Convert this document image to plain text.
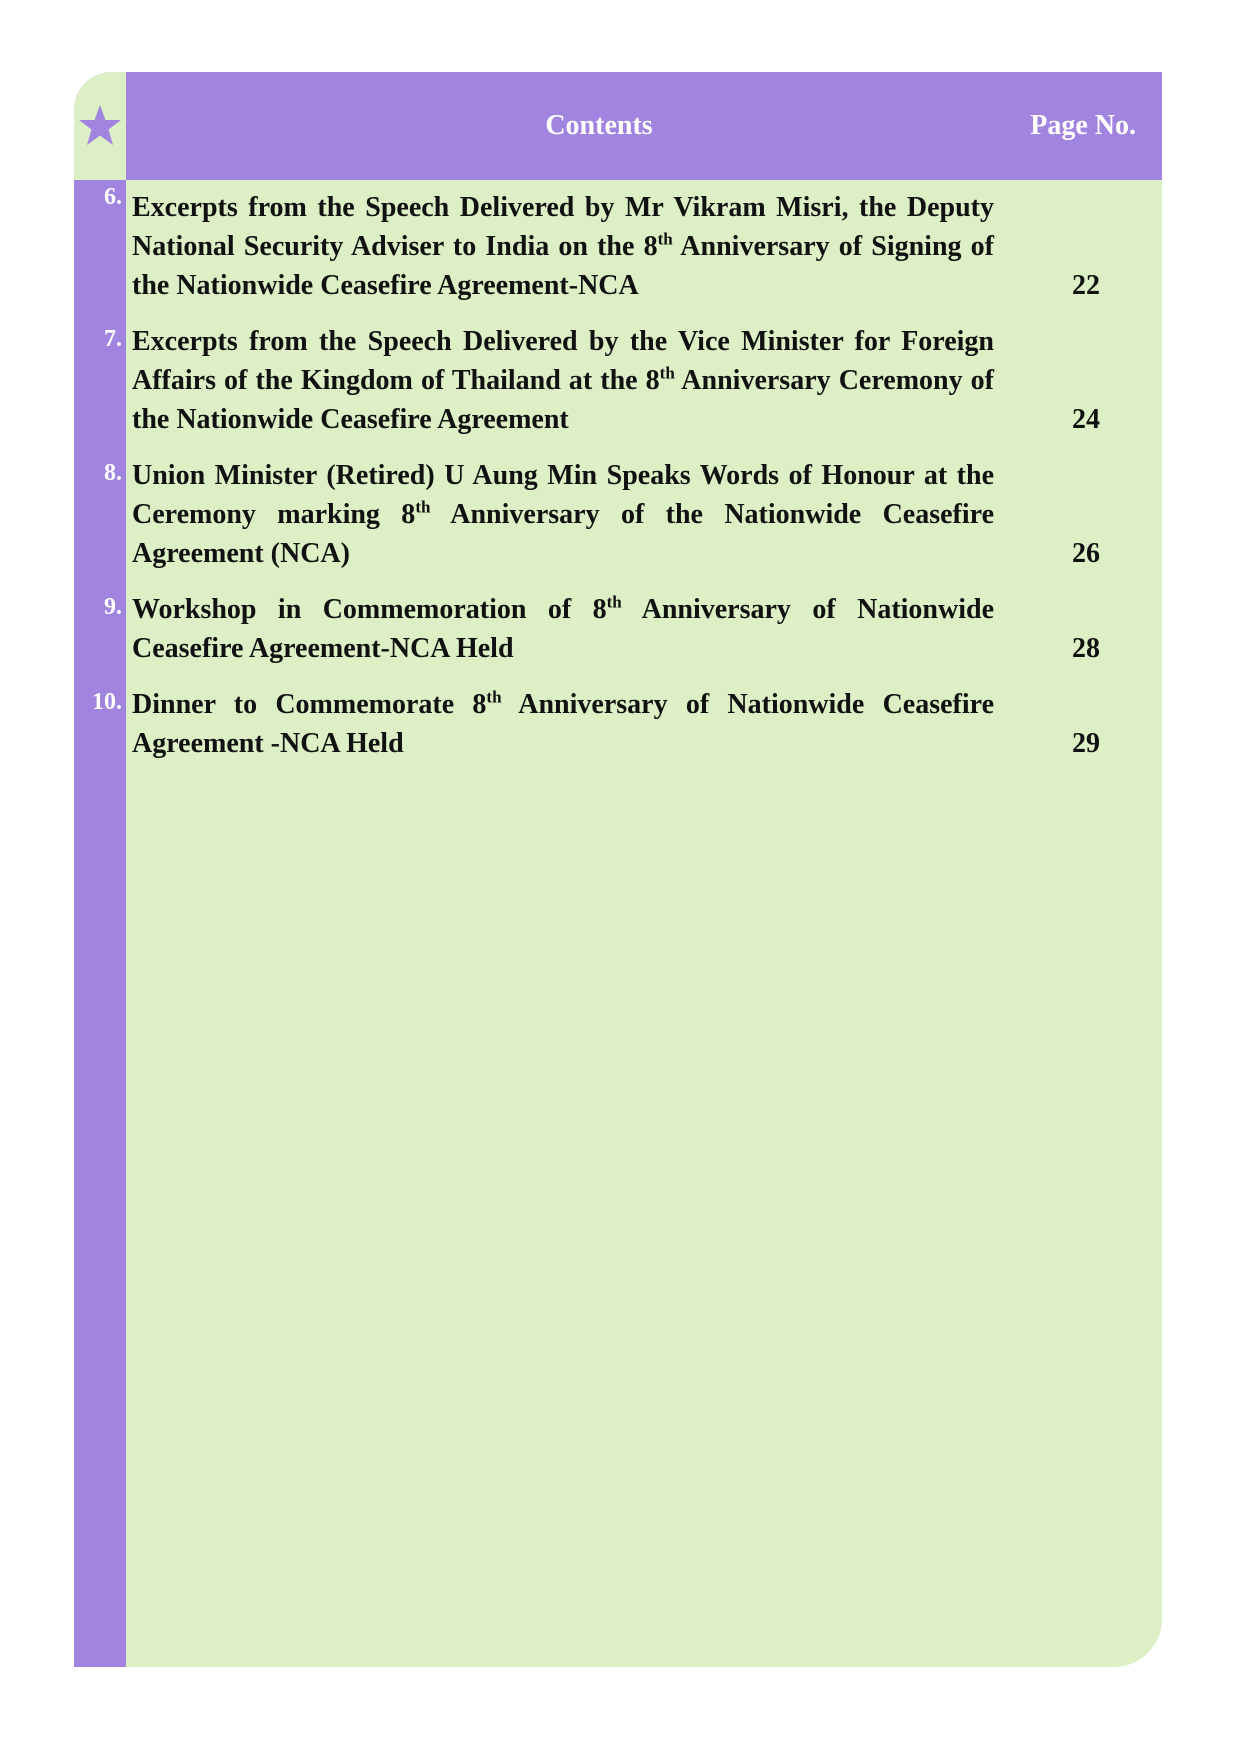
Contents	Page No.
6. Excerpts from the Speech Delivered by Mr Vikram Misri, the Deputy National Security Adviser to India on the 8th Anniversary of Signing of the Nationwide Ceasefire Agreement-NCA	22
7. Excerpts from the Speech Delivered by the Vice Minister for Foreign Affairs of the Kingdom of Thailand at the 8th Anniversary Ceremony of the Nationwide Ceasefire Agreement	24
8. Union Minister (Retired) U Aung Min Speaks Words of Honour at the Ceremony marking 8th Anniversary of the Nationwide Ceasefire Agreement (NCA)	26
9. Workshop in Commemoration of 8th Anniversary of Nationwide Ceasefire Agreement-NCA Held	28
10. Dinner to Commemorate 8th Anniversary of Nationwide Ceasefire Agreement -NCA Held	29
